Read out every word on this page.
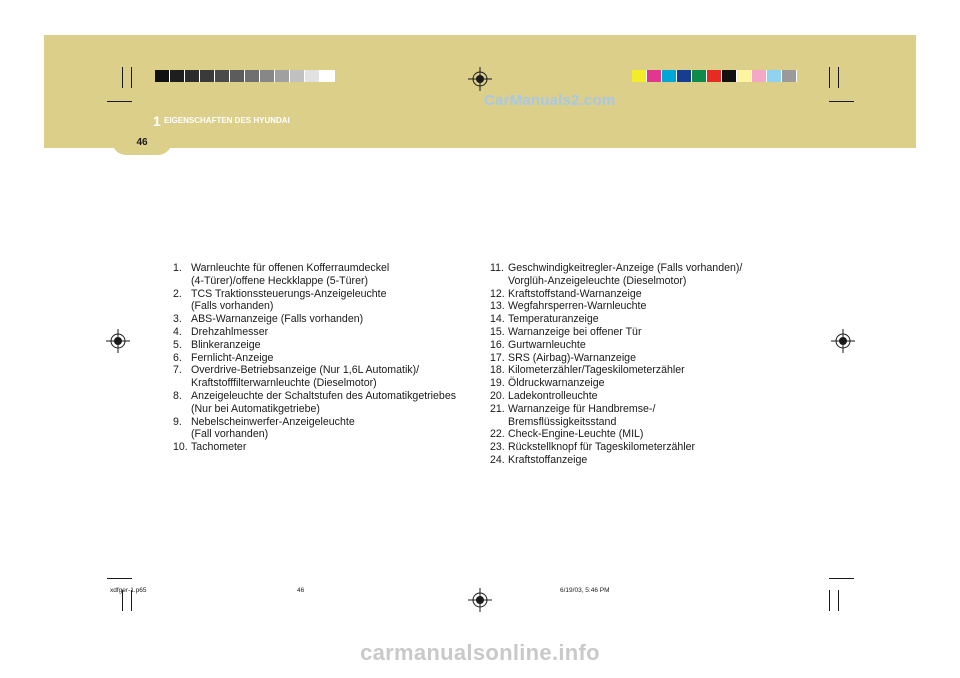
46
1 EIGENSCHAFTEN DES HYUNDAI
CarManuals2.com
1. Warnleuchte für offenen Kofferraumdeckel
(4-Türer)/offene Heckklappe (5-Türer)
2. TCS Traktionssteuerungs-Anzeigeleuchte
(Falls vorhanden)
3. ABS-Warnanzeige (Falls vorhanden)
4. Drehzahlmesser
5. Blinkeranzeige
6. Fernlicht-Anzeige
7. Overdrive-Betriebsanzeige (Nur 1,6L Automatik)/
Kraftstofffilterwarnleuchte (Dieselmotor)
8. Anzeigeleuchte der Schaltstufen des Automatikgetriebes
(Nur bei Automatikgetriebe)
9. Nebelscheinwerfer-Anzeigeleuchte
(Fall vorhanden)
10. Tachometer
11. Geschwindigkeitregler-Anzeige (Falls vorhanden)/
Vorglüh-Anzeigeleuchte (Dieselmotor)
12. Kraftstoffstand-Warnanzeige
13. Wegfahrsperren-Warnleuchte
14. Temperaturanzeige
15. Warnanzeige bei offener Tür
16. Gurtwarnleuchte
17. SRS (Airbag)-Warnanzeige
18. Kilometerzähler/Tageskilometerzähler
19. Öldruckwarnanzeige
20. Ladekontrolleuchte
21. Warnanzeige für Handbremse-/
Bremsflüssigkeitsstand
22. Check-Engine-Leuchte (MIL)
23. Rückstellknopf für Tageskilometerzähler
24. Kraftstoffanzeige
xdfger-1.p65	46	6/19/03, 5:46 PM
carmanualsonline.info
